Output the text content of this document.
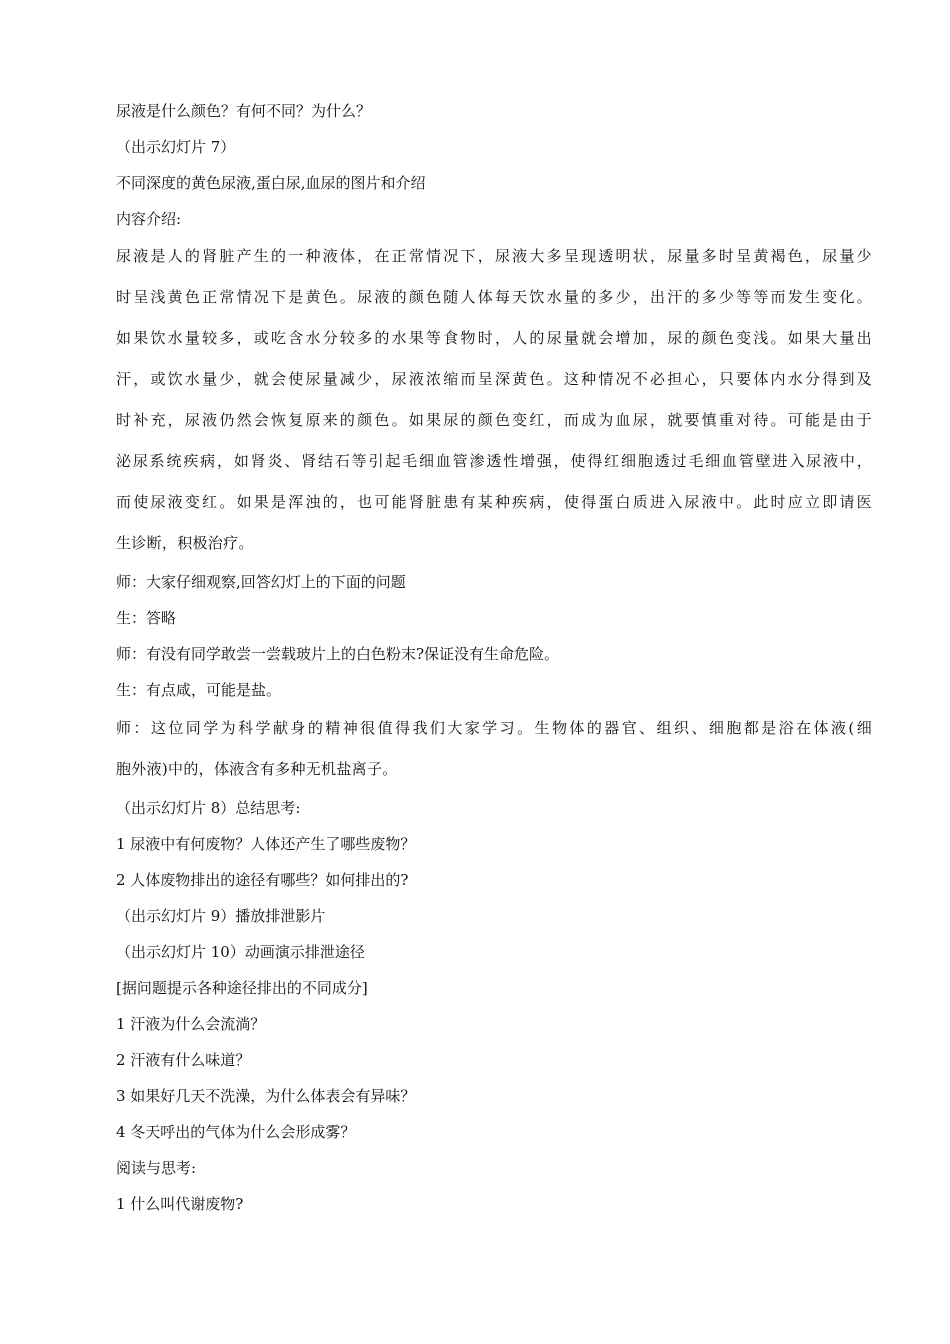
尿液是什么颜色？有何不同？为什么？
（出示幻灯片 7）
不同深度的黄色尿液,蛋白尿,血尿的图片和介绍
内容介绍:
尿液是人的肾脏产生的一种液体，在正常情况下，尿液大多呈现透明状，尿量多时呈黄褐色，尿量少
时呈浅黄色正常情况下是黄色。尿液的颜色随人体每天饮水量的多少，出汗的多少等等而发生变化。
如果饮水量较多，或吃含水分较多的水果等食物时，人的尿量就会增加，尿的颜色变浅。如果大量出
汗，或饮水量少，就会使尿量减少，尿液浓缩而呈深黄色。这种情况不必担心，只要体内水分得到及
时补充，尿液仍然会恢复原来的颜色。如果尿的颜色变红，而成为血尿，就要慎重对待。可能是由于
泌尿系统疾病，如肾炎、肾结石等引起毛细血管渗透性增强，使得红细胞透过毛细血管壁进入尿液中，
而使尿液变红。如果是浑浊的，也可能肾脏患有某种疾病，使得蛋白质进入尿液中。此时应立即请医
生诊断，积极治疗。
师：大家仔细观察,回答幻灯上的下面的问题
生：答略
师：有没有同学敢尝一尝载玻片上的白色粉末?保证没有生命危险。
生：有点咸，可能是盐。
师：这位同学为科学献身的精神很值得我们大家学习。生物体的器官、组织、细胞都是浴在体液(细
胞外液)中的，体液含有多种无机盐离子。
（出示幻灯片 8）总结思考:
1 尿液中有何废物？人体还产生了哪些废物？
2 人体废物排出的途径有哪些？如何排出的?
（出示幻灯片 9）播放排泄影片
（出示幻灯片 10）动画演示排泄途径
[据问题提示各种途径排出的不同成分]
1 汗液为什么会流淌？
2 汗液有什么味道？
3 如果好几天不洗澡，为什么体表会有异味？
4 冬天呼出的气体为什么会形成雾？
阅读与思考:
1 什么叫代谢废物?
